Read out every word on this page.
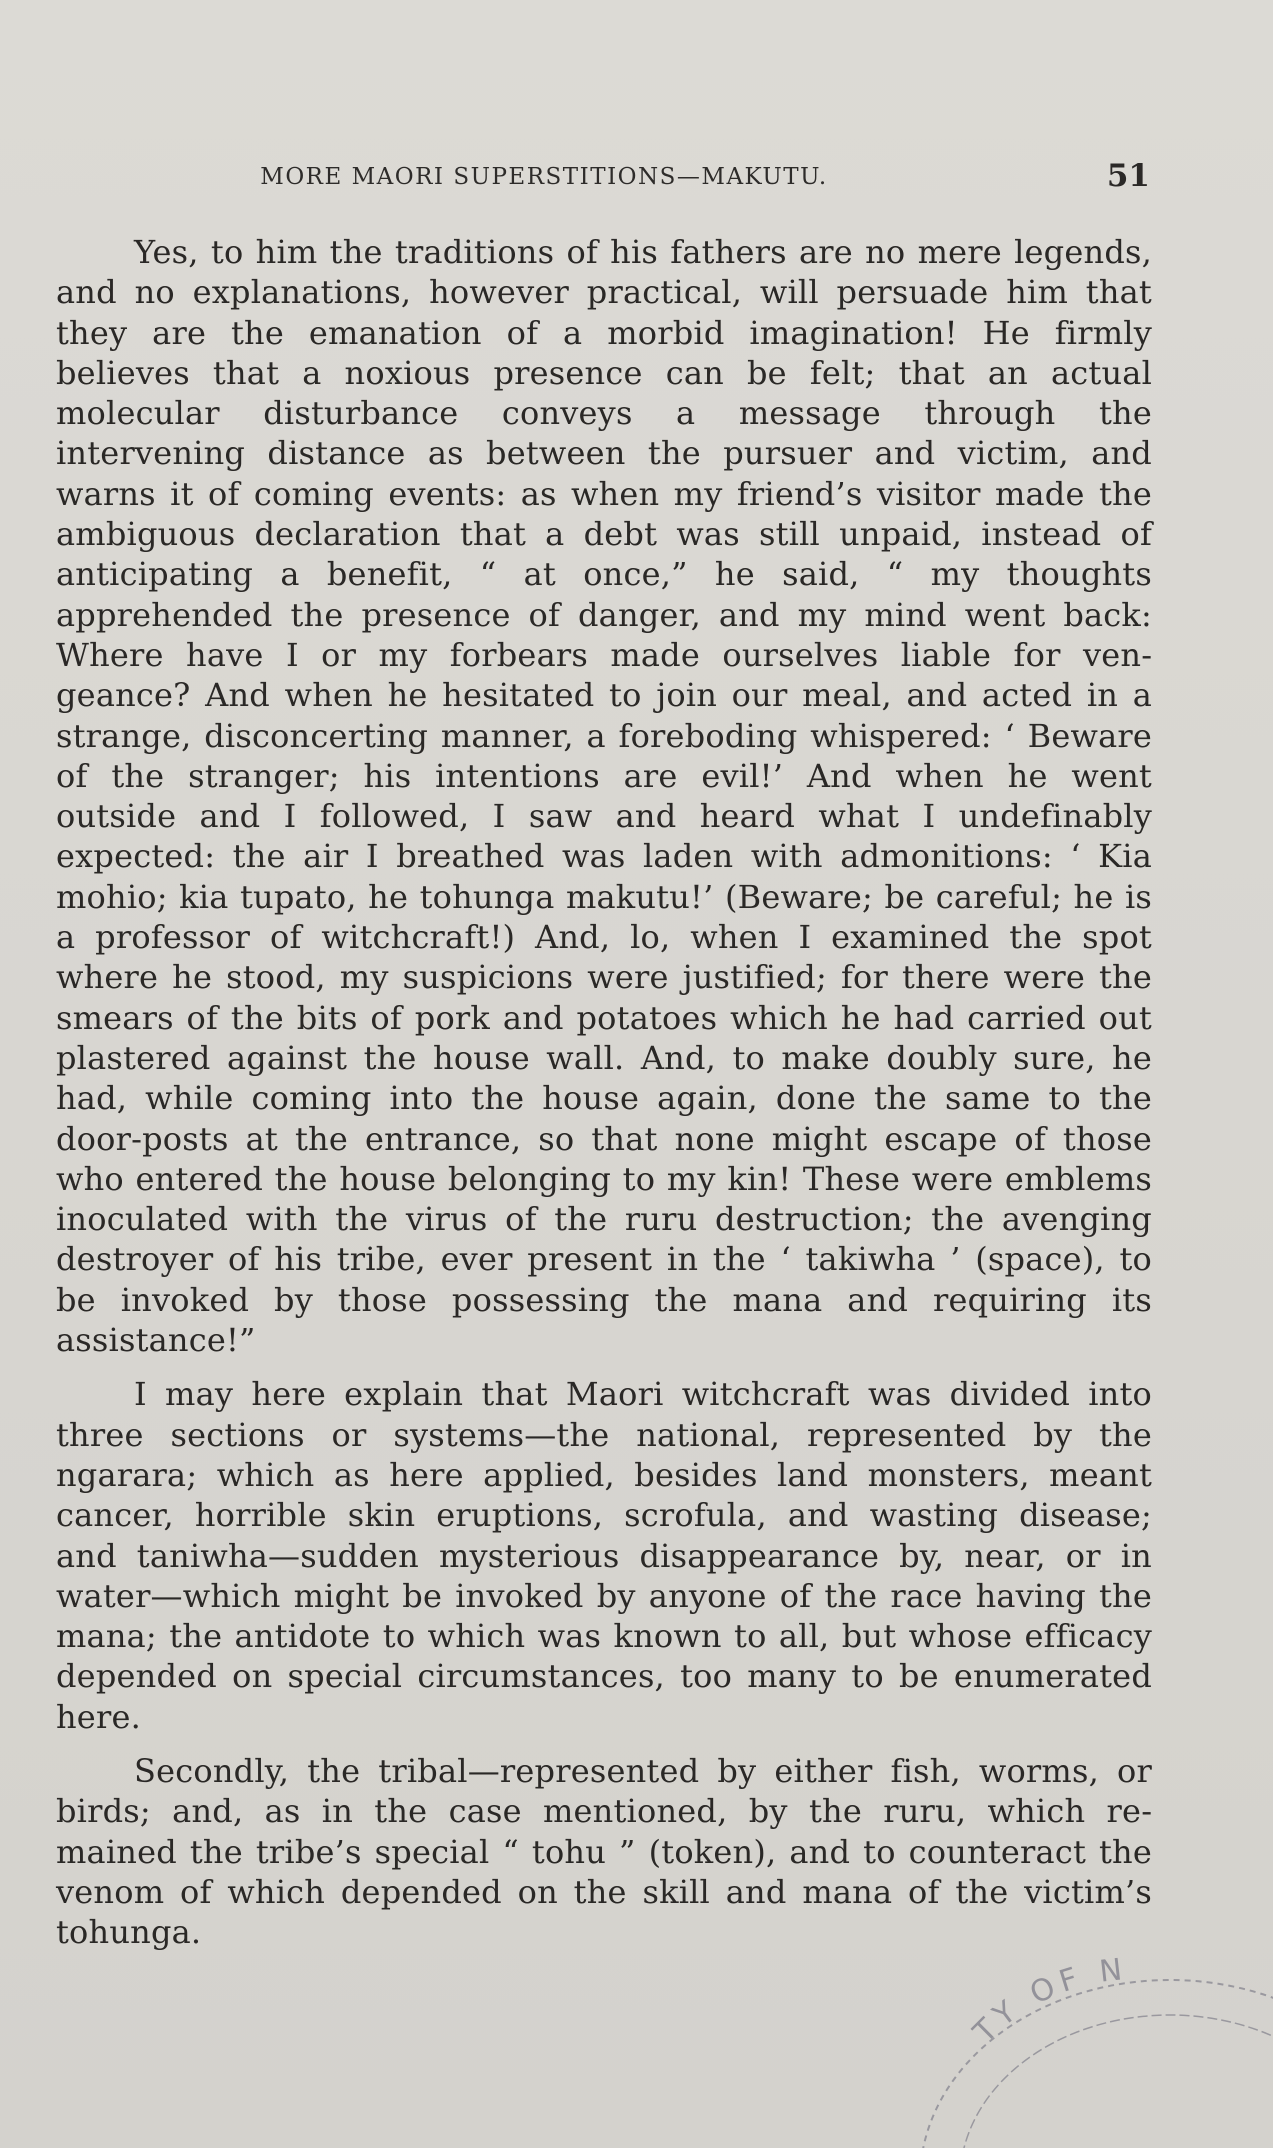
MORE MAORI SUPERSTITIONS—MAKUTU.	51

Yes, to him the traditions of his fathers are no mere legends, and no explanations, however practical, will persuade him that they are the emanation of a morbid imagination! He firmly believes that a noxious presence can be felt; that an actual molecular disturbance conveys a message through the intervening distance as between the pursuer and victim, and warns it of coming events: as when my friend’s visitor made the ambiguous declaration that a debt was still unpaid, instead of anticipating a benefit, “ at once,” he said, “ my thoughts apprehended the presence of danger, and my mind went back: Where have I or my forbears made ourselves liable for vengeance? And when he hesitated to join our meal, and acted in a strange, disconcerting manner, a foreboding whispered: ‘ Beware of the stranger; his intentions are evil!’ And when he went outside and I followed, I saw and heard what I undefinably expected: the air I breathed was laden with admonitions: ‘ Kia mohio; kia tupato, he tohunga makutu!’ (Beware; be careful; he is a professor of witchcraft!) And, lo, when I examined the spot where he stood, my suspicions were justified; for there were the smears of the bits of pork and potatoes which he had carried out plastered against the house wall. And, to make doubly sure, he had, while coming into the house again, done the same to the door-posts at the entrance, so that none might escape of those who entered the house belonging to my kin! These were emblems inoculated with the virus of the ruru destruction; the avenging destroyer of his tribe, ever present in the ‘ takiwha ’ (space), to be invoked by those possessing the mana and requiring its assistance!”

I may here explain that Maori witchcraft was divided into three sections or systems—the national, represented by the ngarara; which as here applied, besides land monsters, meant cancer, horrible skin eruptions, scrofula, and wasting disease; and taniwha—sudden mysterious disappearance by, near, or in water—which might be invoked by anyone of the race having the mana; the antidote to which was known to all, but whose efficacy depended on special circumstances, too many to be enumerated here.

Secondly, the tribal—represented by either fish, worms, or birds; and, as in the case mentioned, by the ruru, which remained the tribe’s special “ tohu ” (token), and to counteract the venom of which depended on the skill and mana of the victim’s tohunga.

TY OF N
